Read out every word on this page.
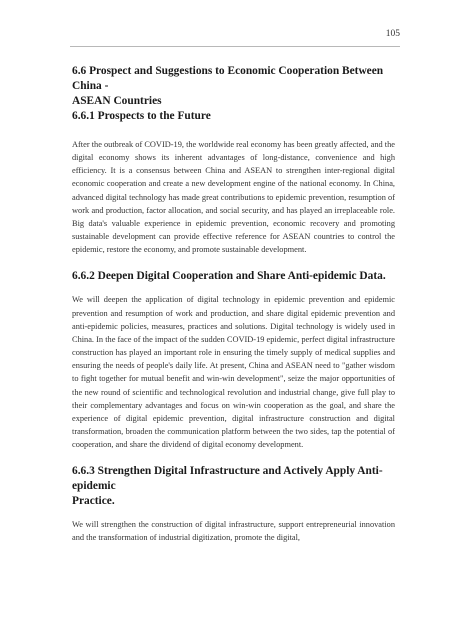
105
6.6 Prospect and Suggestions to Economic Cooperation Between China -
ASEAN Countries
6.6.1 Prospects to the Future

After the outbreak of COVID-19, the worldwide real economy has been greatly affected, and the digital economy shows its inherent advantages of long-distance, convenience and high efficiency. It is a consensus between China and ASEAN to strengthen inter-regional digital economic cooperation and create a new development engine of the national economy. In China, advanced digital technology has made great contributions to epidemic prevention, resumption of work and production, factor allocation, and social security, and has played an irreplaceable role. Big data's valuable experience in epidemic prevention, economic recovery and promoting sustainable development can provide effective reference for ASEAN countries to control the epidemic, restore the economy, and promote sustainable development.

6.6.2 Deepen Digital Cooperation and Share Anti-epidemic Data.

We will deepen the application of digital technology in epidemic prevention and epidemic prevention and resumption of work and production, and share digital epidemic prevention and anti-epidemic policies, measures, practices and solutions. Digital technology is widely used in China. In the face of the impact of the sudden COVID-19 epidemic, perfect digital infrastructure construction has played an important role in ensuring the timely supply of medical supplies and ensuring the needs of people's daily life. At present, China and ASEAN need to "gather wisdom to fight together for mutual benefit and win-win development", seize the major opportunities of the new round of scientific and technological revolution and industrial change, give full play to their complementary advantages and focus on win-win cooperation as the goal, and share the experience of digital epidemic prevention, digital infrastructure construction and digital transformation, broaden the communication platform between the two sides, tap the potential of cooperation, and share the dividend of digital economy development.

6.6.3 Strengthen Digital Infrastructure and Actively Apply Anti-epidemic
Practice.

We will strengthen the construction of digital infrastructure, support entrepreneurial innovation and the transformation of industrial digitization, promote the digital,
